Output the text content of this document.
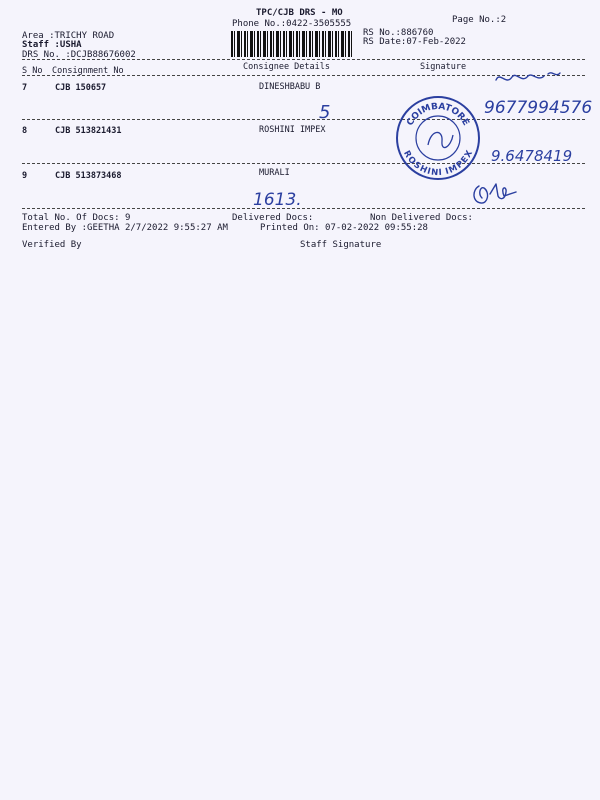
TPC/CJB DRS - MO
Phone No.:0422-3505555	Page No.:2
Area :TRICHY ROAD
Staff :USHA
DRS No. :DCJB88676002
RS No.:886760
RS Date:07-Feb-2022
S No Consignment No	Consignee Details	Signature
7	CJB 150657	DINESHBABU B
8	CJB 513821431	ROSHINI IMPEX
9	CJB 513873468	MURALI
COIMBATORE
ROSHINI IMPEX
9677994576
5
9.6478419
1613.
Total No. Of Docs: 9	Delivered Docs:	Non Delivered Docs:
Entered By :GEETHA 2/7/2022 9:55:27 AM	Printed On: 07-02-2022 09:55:28
Verified By	Staff Signature
